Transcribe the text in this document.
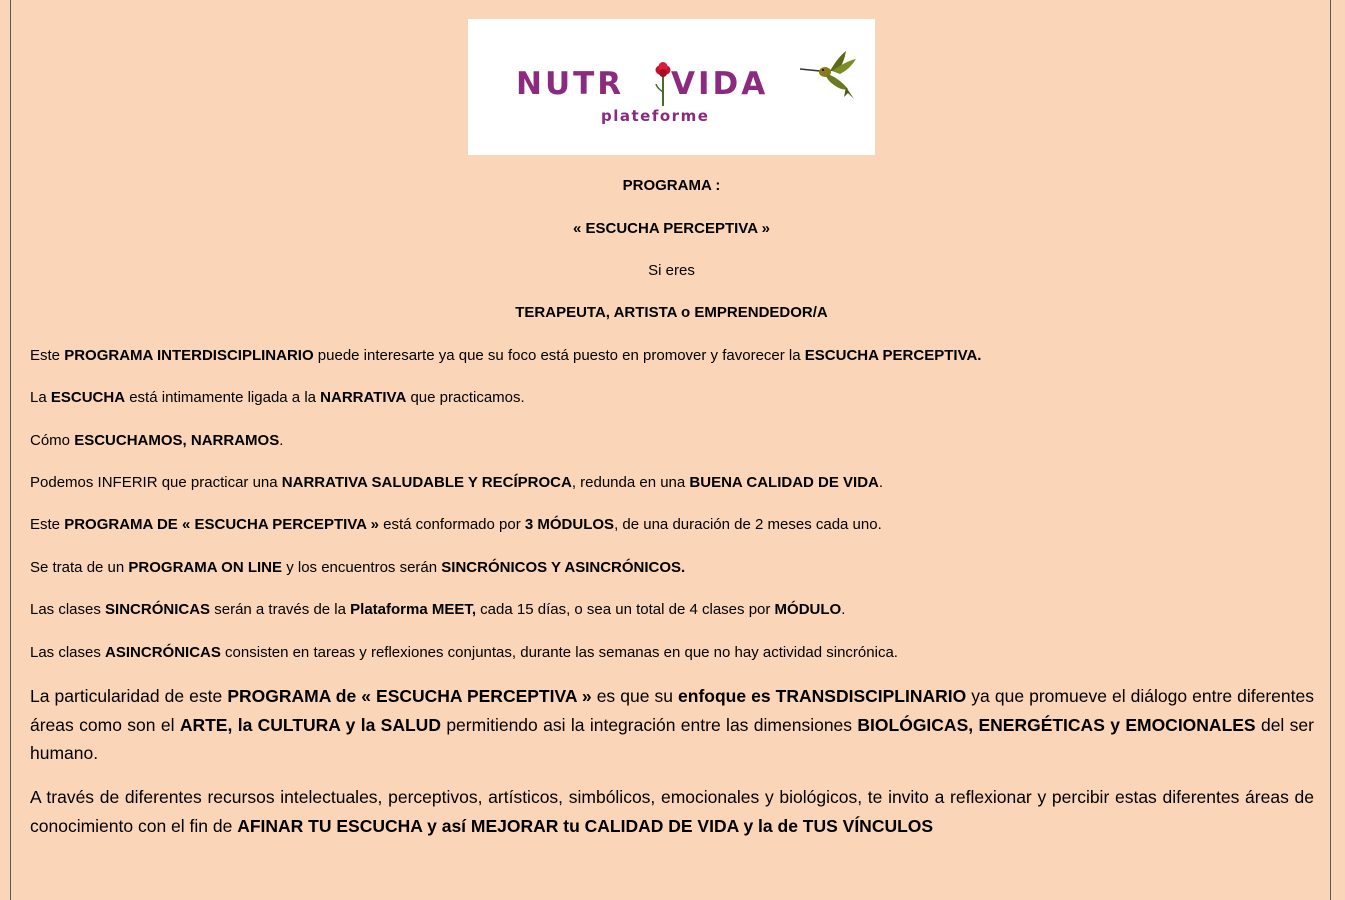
NUTR VIDA
plateforme
PROGRAMA :
« ESCUCHA PERCEPTIVA »
Si eres
TERAPEUTA, ARTISTA o EMPRENDEDOR/A
Este PROGRAMA INTERDISCIPLINARIO puede interesarte ya que su foco está puesto en promover y favorecer la ESCUCHA PERCEPTIVA.
La ESCUCHA está intimamente ligada a la NARRATIVA que practicamos.
Cómo ESCUCHAMOS, NARRAMOS.
Podemos INFERIR que practicar una NARRATIVA SALUDABLE Y RECÍPROCA, redunda en una BUENA CALIDAD DE VIDA.
Este PROGRAMA DE « ESCUCHA PERCEPTIVA » está conformado por 3 MÓDULOS, de una duración de 2 meses cada uno.
Se trata de un PROGRAMA ON LINE y los encuentros serán SINCRÓNICOS Y ASINCRÓNICOS.
Las clases SINCRÓNICAS serán a través de la Plataforma MEET, cada 15 días, o sea un total de 4 clases por MÓDULO.
Las clases ASINCRÓNICAS consisten en tareas y reflexiones conjuntas, durante las semanas en que no hay actividad sincrónica.
La particularidad de este PROGRAMA de « ESCUCHA PERCEPTIVA » es que su enfoque es TRANSDISCIPLINARIO ya que promueve el diálogo entre diferentes áreas como son el ARTE, la CULTURA y la SALUD permitiendo asi la integración entre las dimensiones BIOLÓGICAS, ENERGÉTICAS y EMOCIONALES del ser humano.
A través de diferentes recursos intelectuales, perceptivos, artísticos, simbólicos, emocionales y biológicos, te invito a reflexionar y percibir estas diferentes áreas de conocimiento con el fin de AFINAR TU ESCUCHA y así MEJORAR tu CALIDAD DE VIDA y la de TUS VÍNCULOS
